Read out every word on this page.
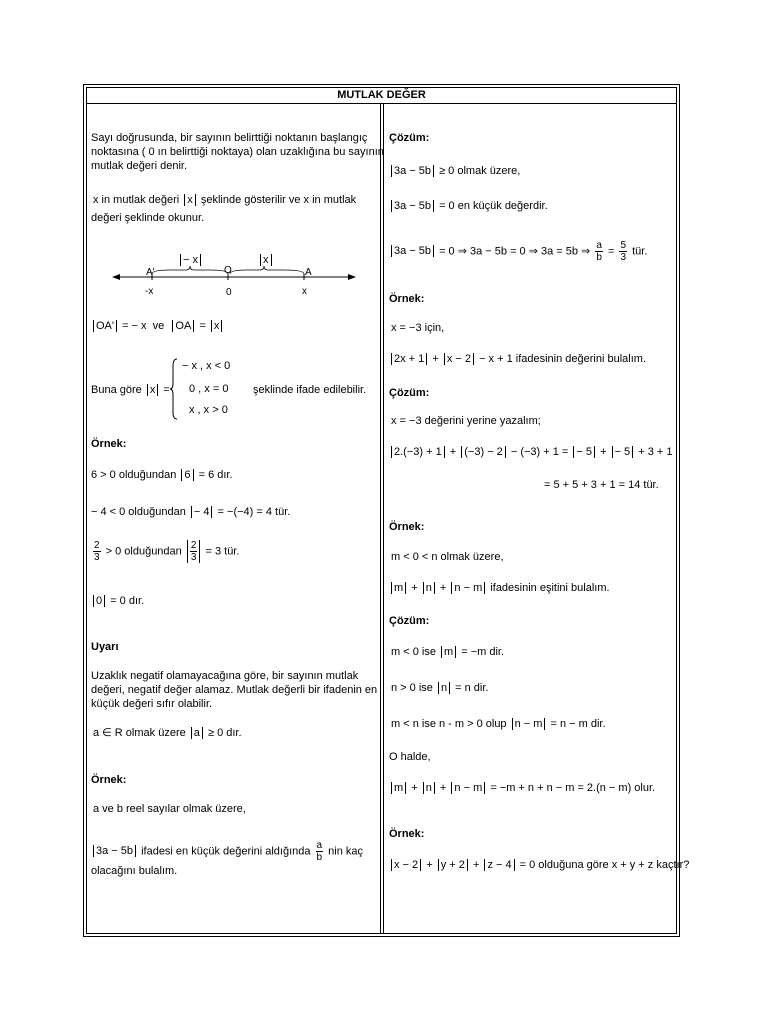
MUTLAK DEĞER
Sayı doğrusunda, bir sayının belirttiği noktanın başlangıç
noktasına ( 0 ın belirttiği noktaya) olan uzaklığına bu sayının
mutlak değeri denir.
x in mutlak değeri x şeklinde gösterilir ve x in mutlak
değeri şeklinde okunur.
− x	x
A'	O	A
-x	0	x
OA' = − x ve OA = x
Buna göre x =
− x , x < 0
0 , x = 0
x , x > 0
şeklinde ifade edilebilir.
Örnek:
6 > 0 olduğundan 6 = 6 dır.
− 4 < 0 olduğundan − 4 = −(−4) = 4 tür.
$\frac{2}{3} > 0$ olduğundan $\frac{2}{3} = 3$ tür.
0 = 0 dır.
Uyarı
Uzaklık negatif olamayacağına göre, bir sayının mutlak
değeri, negatif değer alamaz. Mutlak değerli bir ifadenin en
küçük değeri sıfır olabilir.
a ∈ R olmak üzere a ≥ 0 dır.
Örnek:
a ve b reel sayılar olmak üzere,
3a − 5b ifadesi en küçük değerini aldığında $\frac{a}{b}$ nin kaç
olacağını bulalım.
Çözüm:
3a − 5b ≥ 0 olmak üzere,
3a − 5b = 0 en küçük değerdir.
3a − 5b = 0 ⇒ 3a − 5b = 0 ⇒ 3a = 5b ⇒ $\frac{a}{b} = \frac{5}{3}$ tür.
Örnek:
x = −3 için,
2x + 1 + x − 2 − x + 1 ifadesinin değerini bulalım.
Çözüm:
x = −3 değerini yerine yazalım;
2.(−3) + 1 + (−3) − 2 − (−3) + 1 = − 5 + − 5 + 3 + 1
= 5 + 5 + 3 + 1 = 14 tür.
Örnek:
m < 0 < n olmak üzere,
m + n + n − m ifadesinin eşitini bulalım.
Çözüm:
m < 0 ise m = −m dir.
n > 0 ise n = n dir.
m < n ise n - m > 0 olup n − m = n − m dir.
O halde,
m + n + n − m = −m + n + n − m = 2.(n − m) olur.
Örnek:
x − 2 + y + 2 + z − 4 = 0 olduğuna göre x + y + z kaçtır?
